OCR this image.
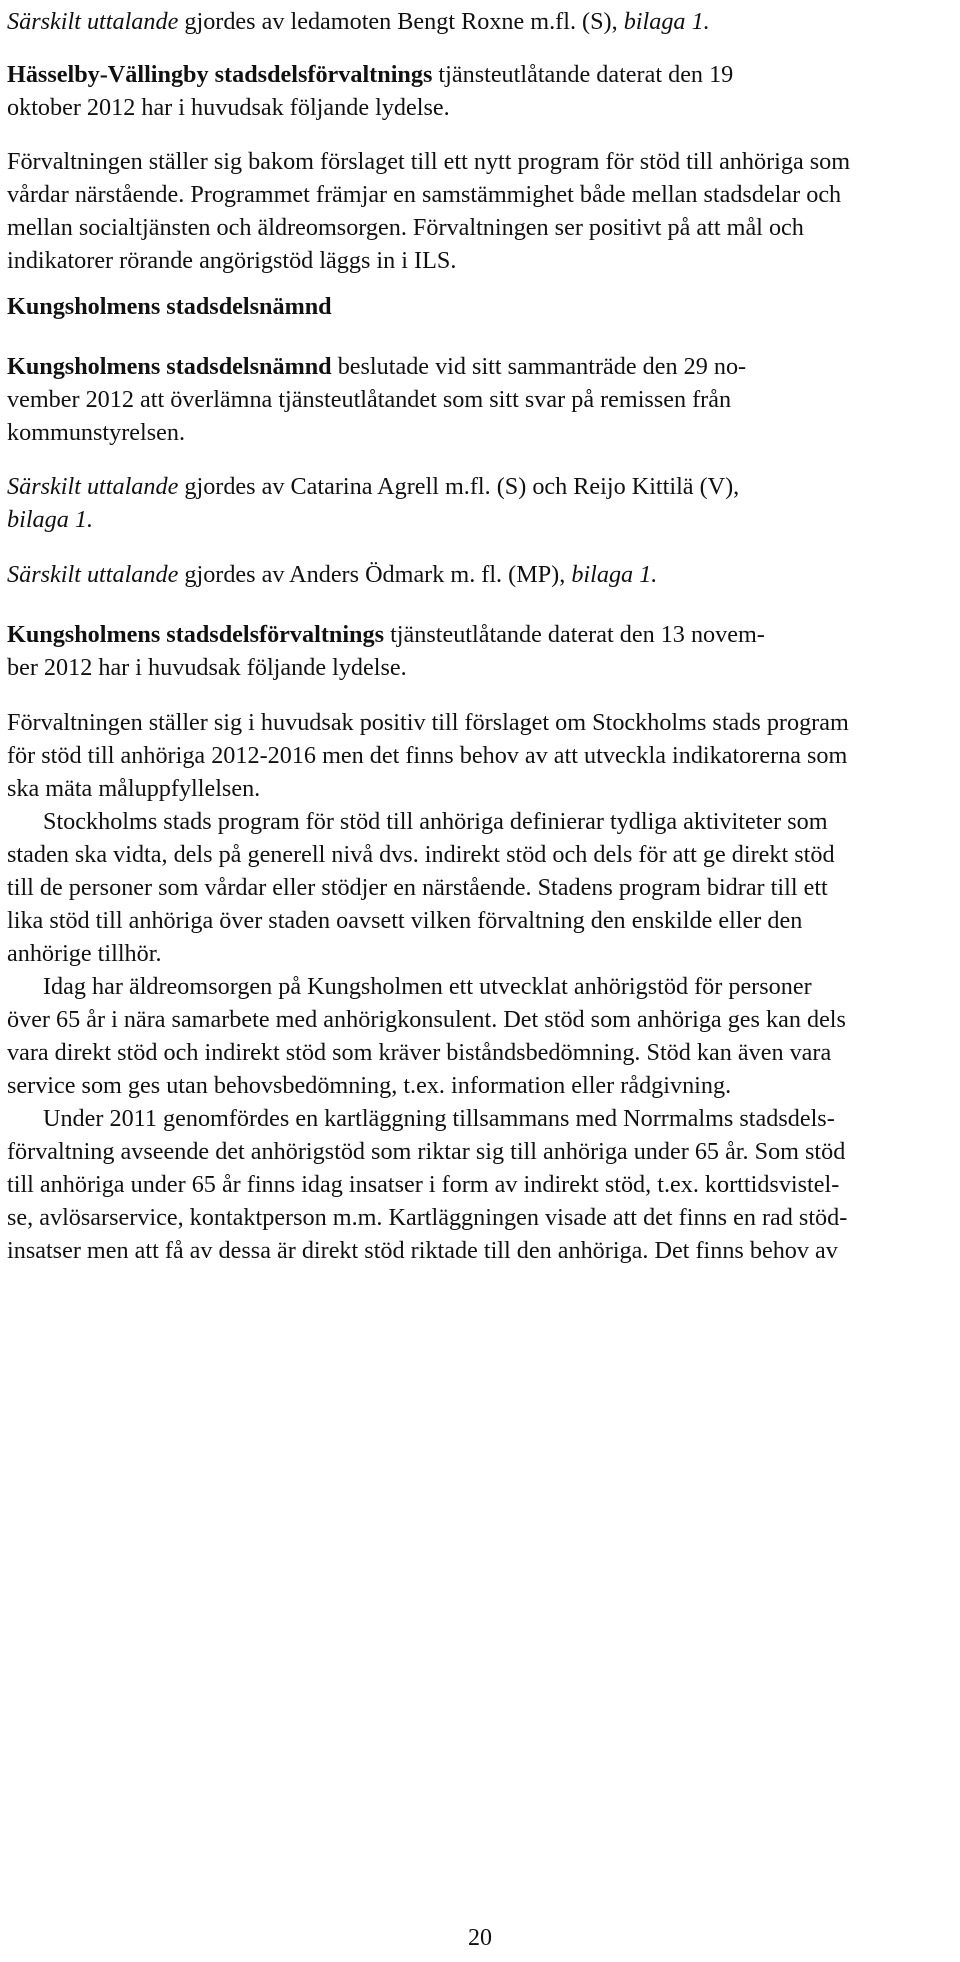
Särskilt uttalande gjordes av ledamoten Bengt Roxne m.fl. (S), bilaga 1.
Hässelby-Vällingby stadsdelsförvaltnings tjänsteutlåtande daterat den 19
oktober 2012 har i huvudsak följande lydelse.
Förvaltningen ställer sig bakom förslaget till ett nytt program för stöd till anhöriga som
vårdar närstående. Programmet främjar en samstämmighet både mellan stadsdelar och
mellan socialtjänsten och äldreomsorgen. Förvaltningen ser positivt på att mål och
indikatorer rörande angörigstöd läggs in i ILS.
Kungsholmens stadsdelsnämnd
Kungsholmens stadsdelsnämnd beslutade vid sitt sammanträde den 29 no-
vember 2012 att överlämna tjänsteutlåtandet som sitt svar på remissen från
kommunstyrelsen.
Särskilt uttalande gjordes av Catarina Agrell m.fl. (S) och Reijo Kittilä (V),
bilaga 1.
Särskilt uttalande gjordes av Anders Ödmark m. fl. (MP), bilaga 1.
Kungsholmens stadsdelsförvaltnings tjänsteutlåtande daterat den 13 novem-
ber 2012 har i huvudsak följande lydelse.
Förvaltningen ställer sig i huvudsak positiv till förslaget om Stockholms stads program
för stöd till anhöriga 2012-2016 men det finns behov av att utveckla indikatorerna som
ska mäta måluppfyllelsen.
Stockholms stads program för stöd till anhöriga definierar tydliga aktiviteter som
staden ska vidta, dels på generell nivå dvs. indirekt stöd och dels för att ge direkt stöd
till de personer som vårdar eller stödjer en närstående. Stadens program bidrar till ett
lika stöd till anhöriga över staden oavsett vilken förvaltning den enskilde eller den
anhörige tillhör.
Idag har äldreomsorgen på Kungsholmen ett utvecklat anhörigstöd för personer
över 65 år i nära samarbete med anhörigkonsulent. Det stöd som anhöriga ges kan dels
vara direkt stöd och indirekt stöd som kräver biståndsbedömning. Stöd kan även vara
service som ges utan behovsbedömning, t.ex. information eller rådgivning.
Under 2011 genomfördes en kartläggning tillsammans med Norrmalms stadsdels-
förvaltning avseende det anhörigstöd som riktar sig till anhöriga under 65 år. Som stöd
till anhöriga under 65 år finns idag insatser i form av indirekt stöd, t.ex. korttidsvistel-
se, avlösarservice, kontaktperson m.m. Kartläggningen visade att det finns en rad stöd-
insatser men att få av dessa är direkt stöd riktade till den anhöriga. Det finns behov av
20
